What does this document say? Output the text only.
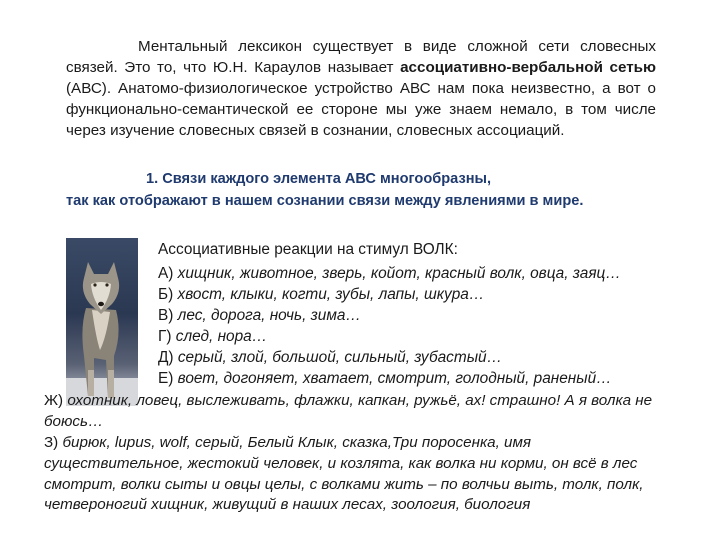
Ментальный лексикон существует в виде сложной сети словесных связей. Это то, что Ю.Н. Караулов называет ассоциативно-вербальной сетью (АВС). Анатомо-физиологическое устройство АВС нам пока неизвестно, а вот о функционально-семантической ее стороне мы уже знаем немало, в том числе через изучение словесных связей в сознании, словесных ассоциаций.

1. Связи каждого элемента АВС многообразны,
так как отображают в нашем сознании связи между явлениями в мире.

Ассоциативные реакции на стимул ВОЛК:

А) хищник, животное, зверь, койот, красный волк, овца, заяц…
Б) хвост, клыки, когти, зубы, лапы, шкура…
В) лес, дорога, ночь, зима…
Г) след, нора…
Д) серый, злой, большой, сильный, зубастый…
Е) воет, догоняет, хватает, смотрит, голодный, раненый…

Ж) охотник, ловец, выслеживать, флажки, капкан, ружьё, ах! страшно! А я волка не боюсь…

З) бирюк, lupus, wolf, серый, Белый Клык, сказка,Три поросенка, имя существительное, жестокий человек, и козлята, как волка ни корми, он всё в лес смотрит, волки сыты и овцы целы, с волками жить – по волчьи выть, толк, полк, четвероногий хищник, живущий в наших лесах, зоология, биология
